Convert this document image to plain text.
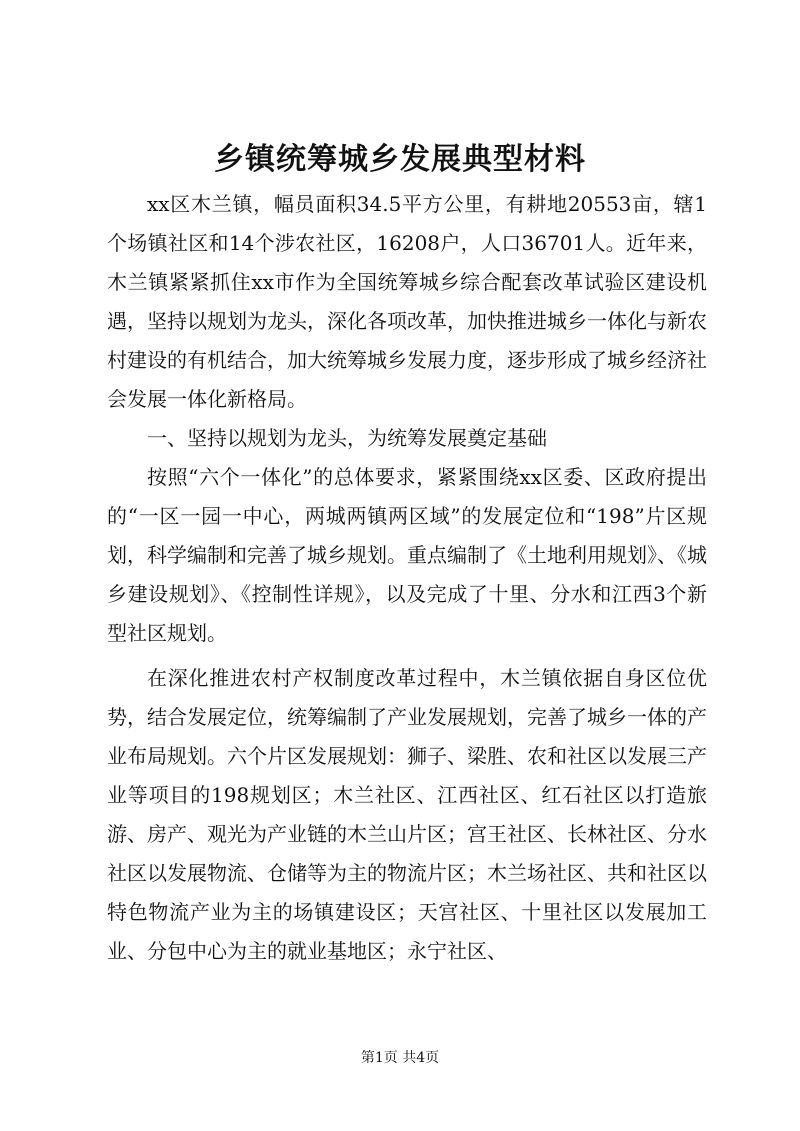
乡镇统筹城乡发展典型材料

xx区木兰镇，幅员面积34.5平方公里，有耕地20553亩，辖1个场镇社区和14个涉农社区，16208户，人口36701人。近年来，木兰镇紧紧抓住xx市作为全国统筹城乡综合配套改革试验区建设机遇，坚持以规划为龙头，深化各项改革，加快推进城乡一体化与新农村建设的有机结合，加大统筹城乡发展力度，逐步形成了城乡经济社会发展一体化新格局。

一、坚持以规划为龙头，为统筹发展奠定基础

按照“六个一体化”的总体要求，紧紧围绕xx区委、区政府提出的“一区一园一中心，两城两镇两区域”的发展定位和“198”片区规划，科学编制和完善了城乡规划。重点编制了《土地利用规划》、《城乡建设规划》、《控制性详规》，以及完成了十里、分水和江西3个新型社区规划。

在深化推进农村产权制度改革过程中，木兰镇依据自身区位优势，结合发展定位，统筹编制了产业发展规划，完善了城乡一体的产业布局规划。六个片区发展规划：狮子、梁胜、农和社区以发展三产业等项目的198规划区；木兰社区、江西社区、红石社区以打造旅游、房产、观光为产业链的木兰山片区；宫王社区、长林社区、分水社区以发展物流、仓储等为主的物流片区；木兰场社区、共和社区以特色物流产业为主的场镇建设区；天宫社区、十里社区以发展加工业、分包中心为主的就业基地区；永宁社区、

第1页 共4页
